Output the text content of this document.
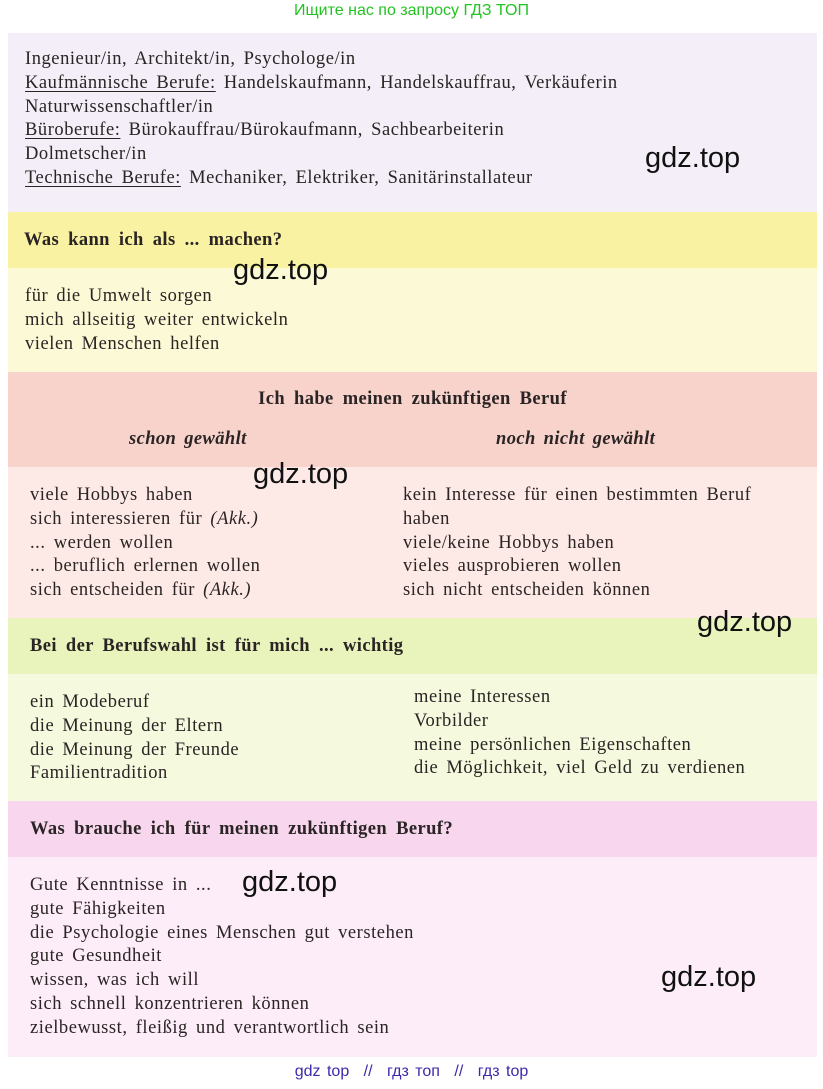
Ищите нас по запросу ГДЗ ТОП
Ingenieur/in, Architekt/in, Psychologe/in
Kaufmännische Berufe: Handelskaufmann, Handelskauffrau, Verkäuferin
Naturwissenschaftler/in
Büroberufe: Bürokauffrau/Bürokaufmann, Sachbearbeiterin
Dolmetscher/in
Technische Berufe: Mechaniker, Elektriker, Sanitärinstallateur
Was kann ich als ... machen?
für die Umwelt sorgen
mich allseitig weiter entwickeln
vielen Menschen helfen
Ich habe meinen zukünftigen Beruf
schon gewählt	noch nicht gewählt
viele Hobbys haben
sich interessieren für (Akk.)
... werden wollen
... beruflich erlernen wollen
sich entscheiden für (Akk.)
kein Interesse für einen bestimmten Beruf
haben
viele/keine Hobbys haben
vieles ausprobieren wollen
sich nicht entscheiden können
Bei der Berufswahl ist für mich ... wichtig
ein Modeberuf
die Meinung der Eltern
die Meinung der Freunde
Familientradition
meine Interessen
Vorbilder
meine persönlichen Eigenschaften
die Möglichkeit, viel Geld zu verdienen
Was brauche ich für meinen zukünftigen Beruf?
Gute Kenntnisse in ...
gute Fähigkeiten
die Psychologie eines Menschen gut verstehen
gute Gesundheit
wissen, was ich will
sich schnell konzentrieren können
zielbewusst, fleißig und verantwortlich sein
gdz.top
gdz.top
gdz.top
gdz.top
gdz.top
gdz.top
gdz top // гдз топ // гдз top
